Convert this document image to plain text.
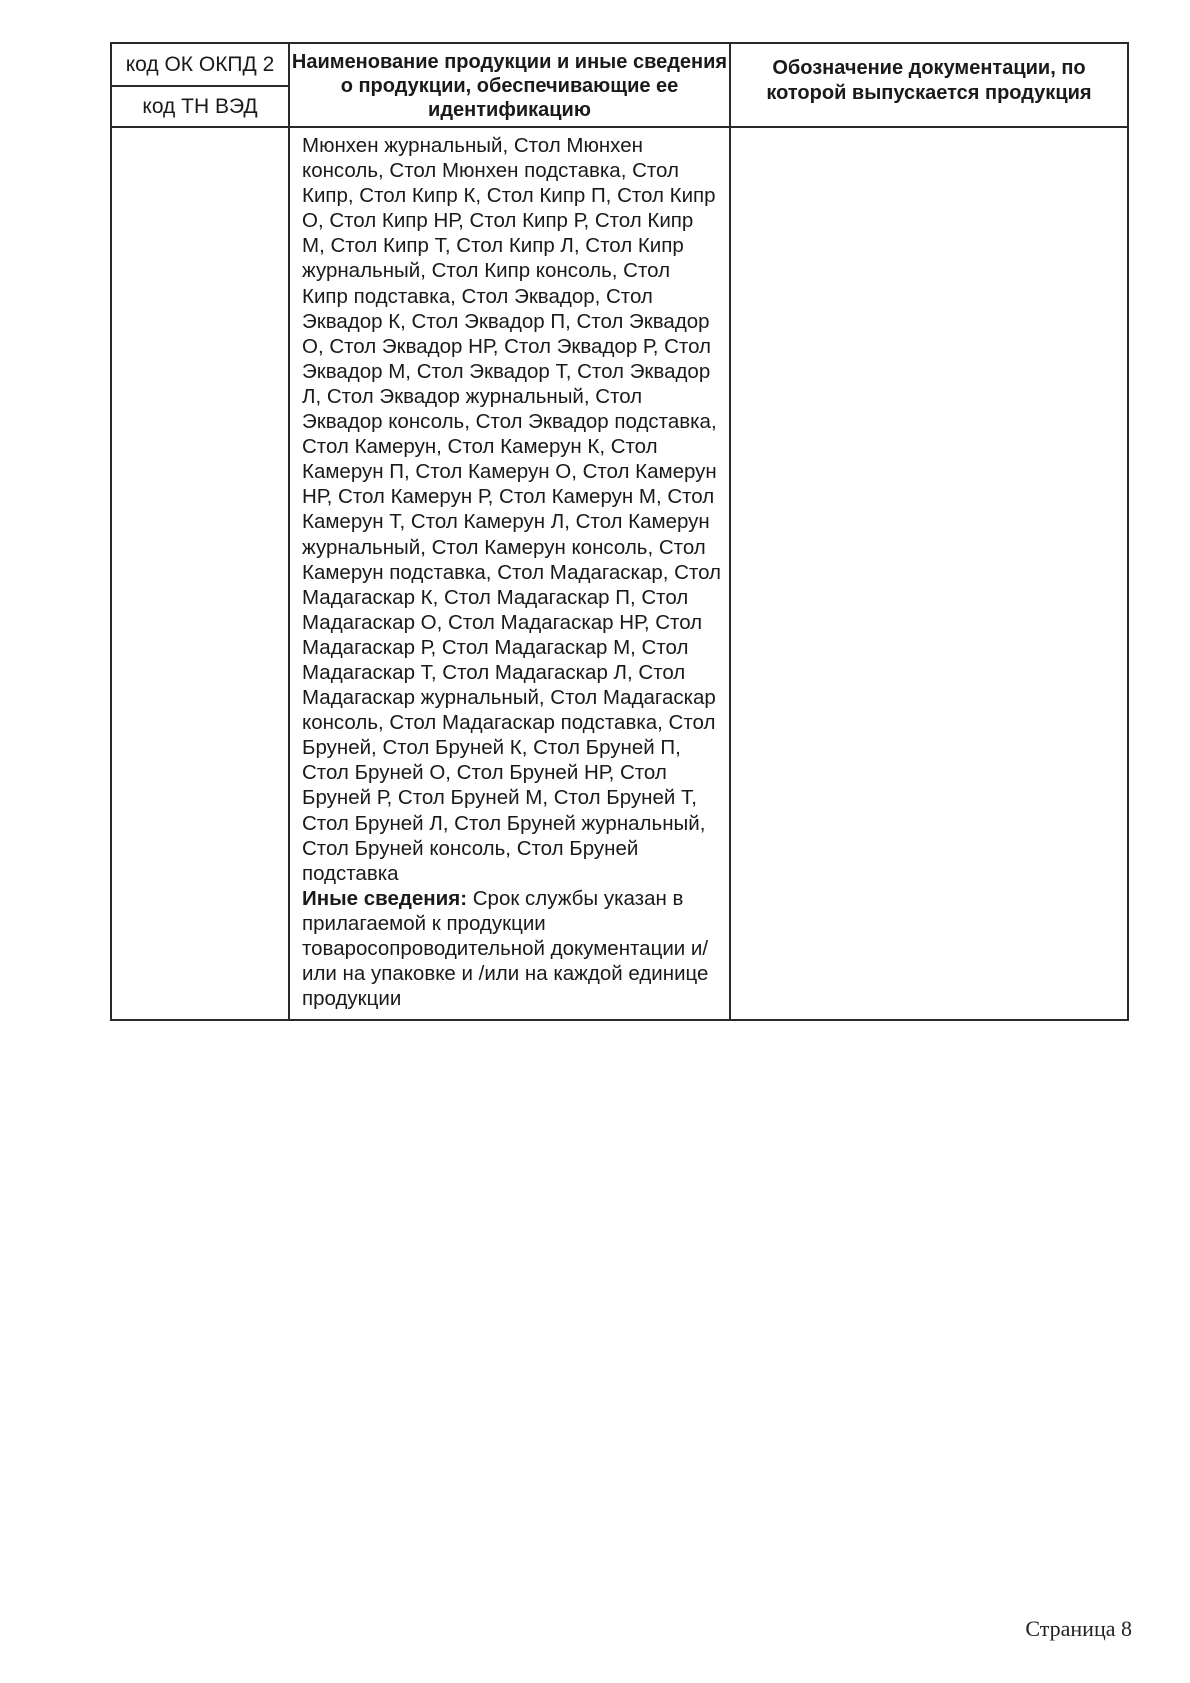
код ОК ОКПД 2	Наименование продукции и иные сведения о продукции, обеспечивающие ее идентификацию	Обозначение документации, по которой выпускается продукция
код ТН ВЭД		
	Мюнхен журнальный, Стол Мюнхен консоль, Стол Мюнхен подставка, Стол Кипр, Стол Кипр К, Стол Кипр П, Стол Кипр О, Стол Кипр НР, Стол Кипр Р, Стол Кипр М, Стол Кипр Т, Стол Кипр Л, Стол Кипр журнальный, Стол Кипр консоль, Стол Кипр подставка, Стол Эквадор, Стол Эквадор К, Стол Эквадор П, Стол Эквадор О, Стол Эквадор НР, Стол Эквадор Р, Стол Эквадор М, Стол Эквадор Т, Стол Эквадор Л, Стол Эквадор журнальный, Стол Эквадор консоль, Стол Эквадор подставка, Стол Камерун, Стол Камерун К, Стол Камерун П, Стол Камерун О, Стол Камерун НР, Стол Камерун Р, Стол Камерун М, Стол Камерун Т, Стол Камерун Л, Стол Камерун журнальный, Стол Камерун консоль, Стол Камерун подставка, Стол Мадагаскар, Стол Мадагаскар К, Стол Мадагаскар П, Стол Мадагаскар О, Стол Мадагаскар НР, Стол Мадагаскар Р, Стол Мадагаскар М, Стол Мадагаскар Т, Стол Мадагаскар Л, Стол Мадагаскар журнальный, Стол Мадагаскар консоль, Стол Мадагаскар подставка, Стол Бруней, Стол Бруней К, Стол Бруней П, Стол Бруней О, Стол Бруней НР, Стол Бруней Р, Стол Бруней М, Стол Бруней Т, Стол Бруней Л, Стол Бруней журнальный, Стол Бруней консоль, Стол Бруней подставка
Иные сведения: Срок службы указан в прилагаемой к продукции товаросопроводительной документации и/или на упаковке и /или на каждой единице продукции	
Страница 8
